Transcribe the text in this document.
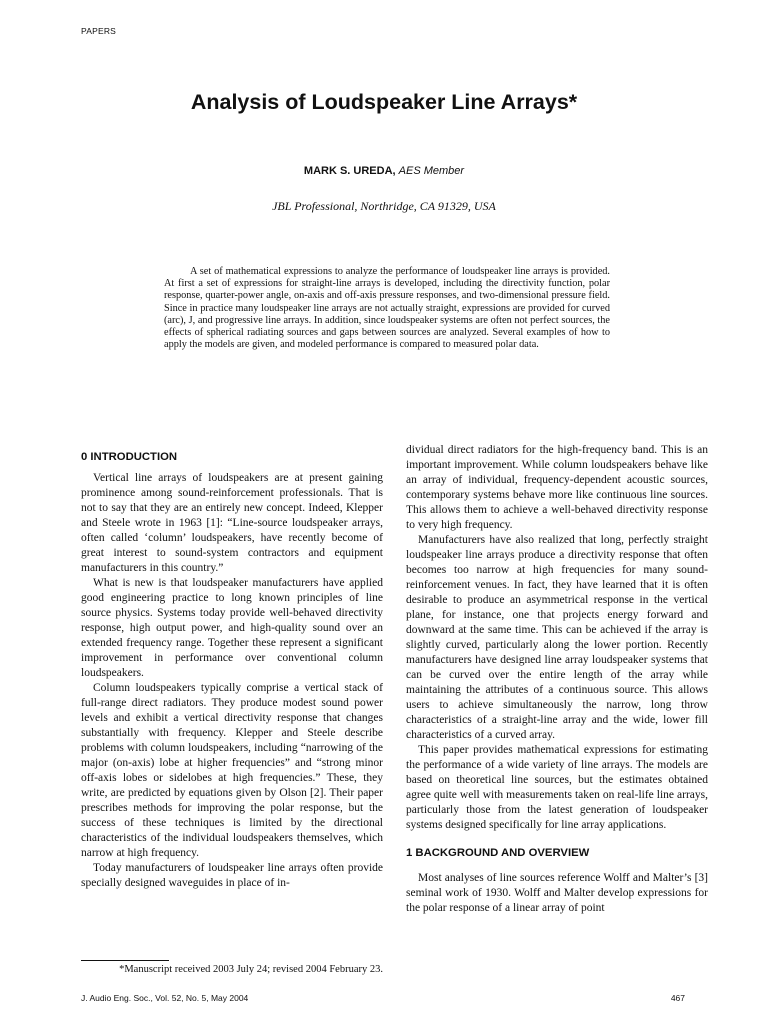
PAPERS
Analysis of Loudspeaker Line Arrays*
MARK S. UREDA, AES Member
JBL Professional, Northridge, CA 91329, USA

A set of mathematical expressions to analyze the performance of loudspeaker line arrays is provided. At first a set of expressions for straight-line arrays is developed, including the directivity function, polar response, quarter-power angle, on-axis and off-axis pressure responses, and two-dimensional pressure field. Since in practice many loudspeaker line arrays are not actually straight, expressions are provided for curved (arc), J, and progressive line arrays. In addition, since loudspeaker systems are often not perfect sources, the effects of spherical radiating sources and gaps between sources are analyzed. Several examples of how to apply the models are given, and modeled performance is compared to measured polar data.

0 INTRODUCTION

Vertical line arrays of loudspeakers are at present gaining prominence among sound-reinforcement professionals. That is not to say that they are an entirely new concept. Indeed, Klepper and Steele wrote in 1963 [1]: “Line-source loudspeaker arrays, often called ‘column’ loudspeakers, have recently become of great interest to sound-system contractors and equipment manufacturers in this country.”

What is new is that loudspeaker manufacturers have applied good engineering practice to long known principles of line source physics. Systems today provide well-behaved directivity response, high output power, and high-quality sound over an extended frequency range. Together these represent a significant improvement in performance over conventional column loudspeakers.

Column loudspeakers typically comprise a vertical stack of full-range direct radiators. They produce modest sound power levels and exhibit a vertical directivity response that changes substantially with frequency. Klepper and Steele describe problems with column loudspeakers, including “narrowing of the major (on-axis) lobe at higher frequencies” and “strong minor off-axis lobes or sidelobes at high frequencies.” These, they write, are predicted by equations given by Olson [2]. Their paper prescribes methods for improving the polar response, but the success of these techniques is limited by the directional characteristics of the individual loudspeakers themselves, which narrow at high frequency.

Today manufacturers of loudspeaker line arrays often provide specially designed waveguides in place of in-

dividual direct radiators for the high-frequency band. This is an important improvement. While column loudspeakers behave like an array of individual, frequency-dependent acoustic sources, contemporary systems behave more like continuous line sources. This allows them to achieve a well-behaved directivity response to very high frequency.

Manufacturers have also realized that long, perfectly straight loudspeaker line arrays produce a directivity response that often becomes too narrow at high frequencies for many sound-reinforcement venues. In fact, they have learned that it is often desirable to produce an asymmetrical response in the vertical plane, for instance, one that projects energy forward and downward at the same time. This can be achieved if the array is slightly curved, particularly along the lower portion. Recently manufacturers have designed line array loudspeaker systems that can be curved over the entire length of the array while maintaining the attributes of a continuous source. This allows users to achieve simultaneously the narrow, long throw characteristics of a straight-line array and the wide, lower fill characteristics of a curved array.

This paper provides mathematical expressions for estimating the performance of a wide variety of line arrays. The models are based on theoretical line sources, but the estimates obtained agree quite well with measurements taken on real-life line arrays, particularly those from the latest generation of loudspeaker systems designed specifically for line array applications.

1 BACKGROUND AND OVERVIEW

Most analyses of line sources reference Wolff and Malter’s [3] seminal work of 1930. Wolff and Malter develop expressions for the polar response of a linear array of point

*Manuscript received 2003 July 24; revised 2004 February 23.
J. Audio Eng. Soc., Vol. 52, No. 5, May 2004	467
